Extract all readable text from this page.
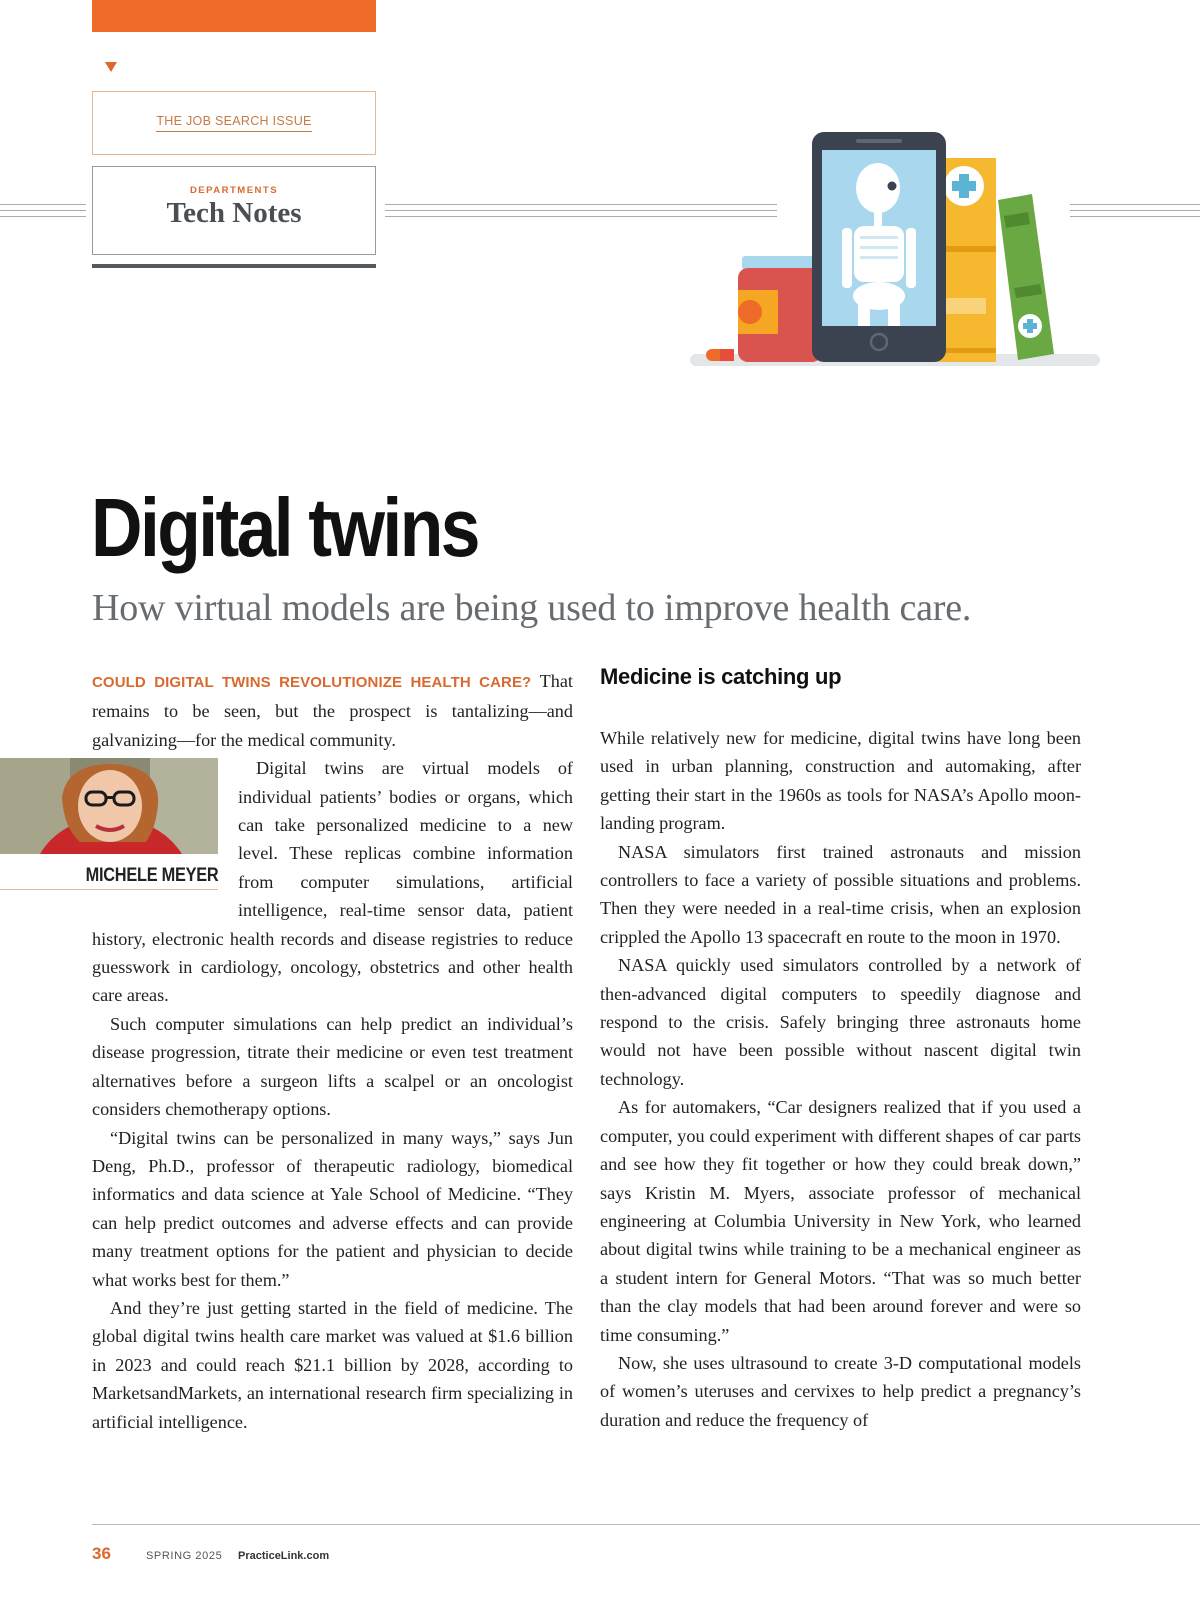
THE JOB SEARCH ISSUE
DEPARTMENTS
Tech Notes
Digital twins
How virtual models are being used to improve health care.

COULD DIGITAL TWINS REVOLUTIONIZE HEALTH CARE? That remains to be seen, but the prospect is tantalizing—and galvanizing—for the medical community.

MICHELE MEYER

Digital twins are virtual models of individual patients’ bodies or organs, which can take personalized medicine to a new level. These replicas combine information from computer simulations, artificial intelligence, real-time sensor data, patient history, electronic health records and disease registries to reduce guesswork in cardiology, oncology, obstetrics and other health care areas.

Such computer simulations can help predict an individual’s disease progression, titrate their medicine or even test treatment alternatives before a surgeon lifts a scalpel or an oncologist considers chemotherapy options.

“Digital twins can be personalized in many ways,” says Jun Deng, Ph.D., professor of therapeutic radiology, biomedical informatics and data science at Yale School of Medicine. “They can help predict outcomes and adverse effects and can provide many treatment options for the patient and physician to decide what works best for them.”

And they’re just getting started in the field of medicine. The global digital twins health care market was valued at $1.6 billion in 2023 and could reach $21.1 billion by 2028, according to MarketsandMarkets, an international research firm specializing in artificial intelligence.

Medicine is catching up

While relatively new for medicine, digital twins have long been used in urban planning, construction and automaking, after getting their start in the 1960s as tools for NASA’s Apollo moon-landing program.

NASA simulators first trained astronauts and mission controllers to face a variety of possible situations and problems. Then they were needed in a real-time crisis, when an explosion crippled the Apollo 13 spacecraft en route to the moon in 1970.

NASA quickly used simulators controlled by a network of then-advanced digital computers to speedily diagnose and respond to the crisis. Safely bringing three astronauts home would not have been possible without nascent digital twin technology.

As for automakers, “Car designers realized that if you used a computer, you could experiment with different shapes of car parts and see how they fit together or how they could break down,” says Kristin M. Myers, associate professor of mechanical engineering at Columbia University in New York, who learned about digital twins while training to be a mechanical engineer as a student intern for General Motors. “That was so much better than the clay models that had been around forever and were so time consuming.”

Now, she uses ultrasound to create 3-D computational models of women’s uteruses and cervixes to help predict a pregnancy’s duration and reduce the frequency of

36	SPRING 2025 PracticeLink.com
